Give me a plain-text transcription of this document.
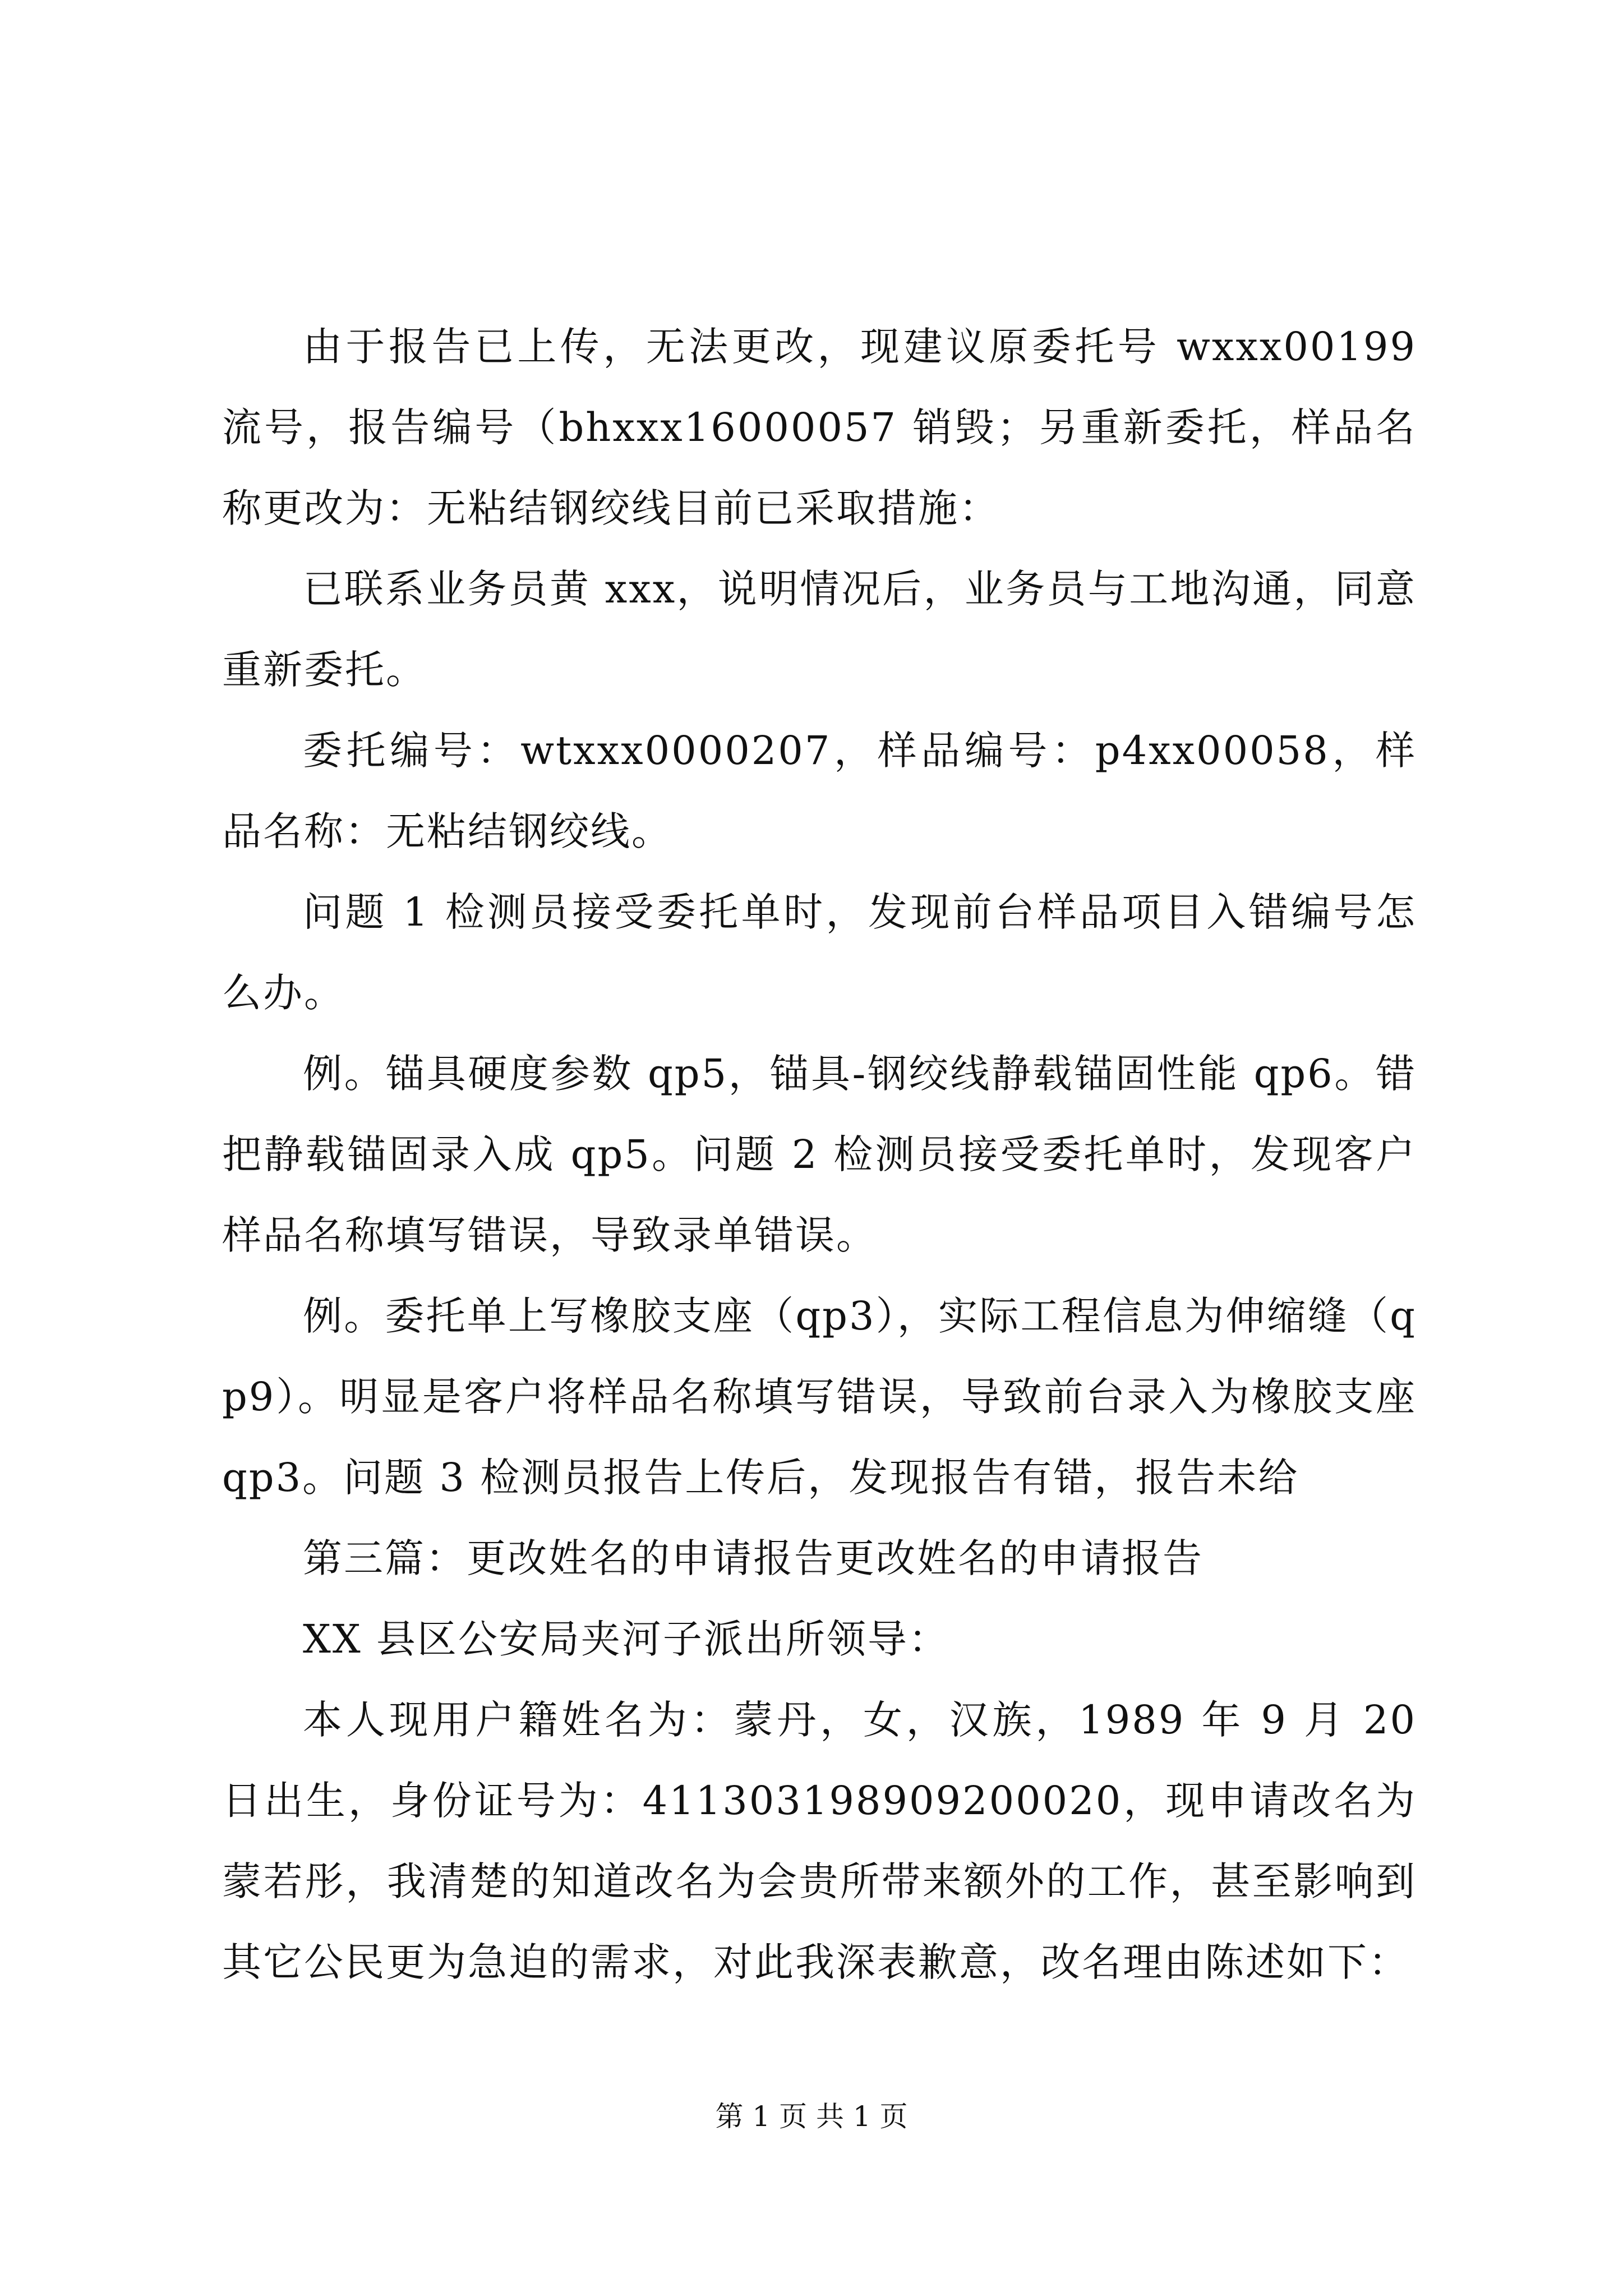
由于报告已上传，无法更改，现建议原委托号 wxxx00199 流号，报告编号（bhxxx16000057 销毁；另重新委托，样品名称更改为：无粘结钢绞线目前已采取措施：

已联系业务员黄 xxx，说明情况后，业务员与工地沟通，同意重新委托。

委托编号：wtxxx0000207，样品编号：p4xx00058，样品名称：无粘结钢绞线。

问题 1 检测员接受委托单时，发现前台样品项目入错编号怎么办。

例。锚具硬度参数 qp5，锚具-钢绞线静载锚固性能 qp6。错把静载锚固录入成 qp5。问题 2 检测员接受委托单时，发现客户样品名称填写错误，导致录单错误。

例。委托单上写橡胶支座（qp3），实际工程信息为伸缩缝（qp9）。明显是客户将样品名称填写错误，导致前台录入为橡胶支座 qp3。问题 3 检测员报告上传后，发现报告有错，报告未给

第三篇：更改姓名的申请报告更改姓名的申请报告

XX 县区公安局夹河子派出所领导：

本人现用户籍姓名为：蒙丹，女，汉族，1989 年 9 月 20 日出生，身份证号为：411303198909200020，现申请改名为蒙若彤，我清楚的知道改名为会贵所带来额外的工作，甚至影响到其它公民更为急迫的需求，对此我深表歉意，改名理由陈述如下：

第 1 页 共 1 页
